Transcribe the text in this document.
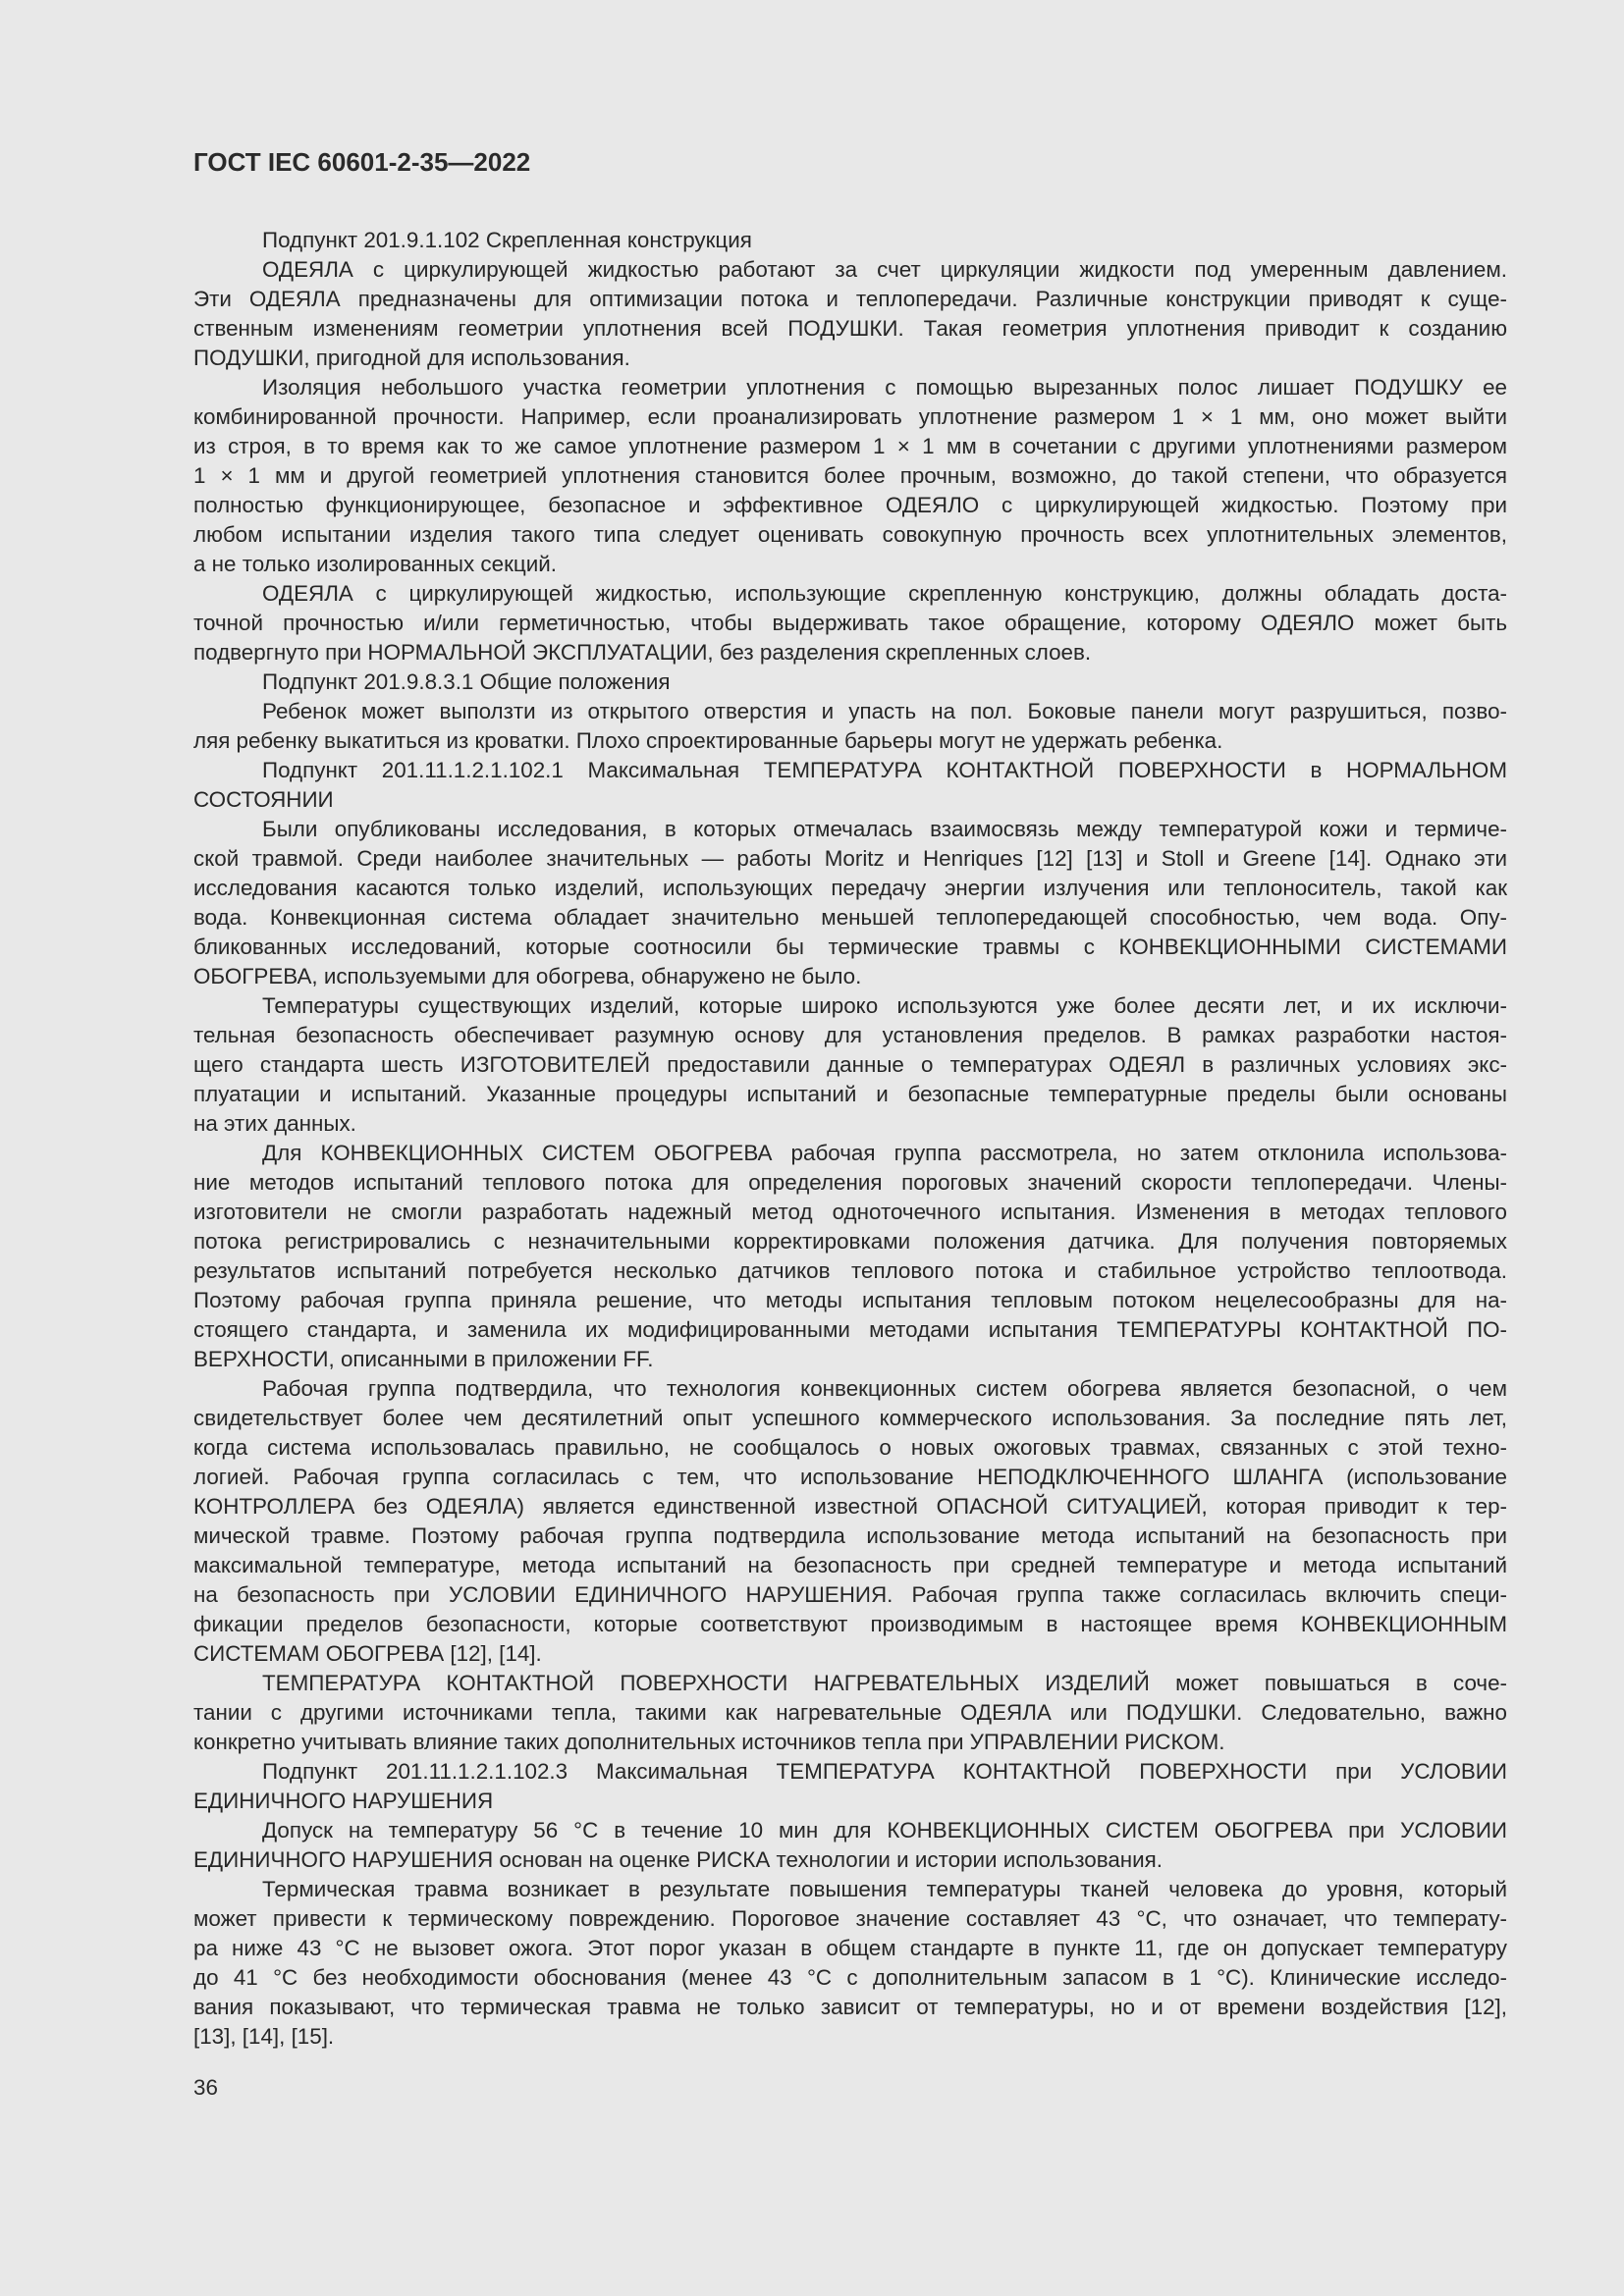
ГОСТ IEC 60601-2-35—2022
Подпункт 201.9.1.102 Скрепленная конструкция
ОДЕЯЛА с циркулирующей жидкостью работают за счет циркуляции жидкости под умеренным давлением.
Эти ОДЕЯЛА предназначены для оптимизации потока и теплопередачи. Различные конструкции приводят к суще-
ственным изменениям геометрии уплотнения всей ПОДУШКИ. Такая геометрия уплотнения приводит к созданию
ПОДУШКИ, пригодной для использования.
Изоляция небольшого участка геометрии уплотнения с помощью вырезанных полос лишает ПОДУШКУ ее
комбинированной прочности. Например, если проанализировать уплотнение размером 1 × 1 мм, оно может выйти
из строя, в то время как то же самое уплотнение размером 1 × 1 мм в сочетании с другими уплотнениями размером
1 × 1 мм и другой геометрией уплотнения становится более прочным, возможно, до такой степени, что образуется
полностью функционирующее, безопасное и эффективное ОДЕЯЛО с циркулирующей жидкостью. Поэтому при
любом испытании изделия такого типа следует оценивать совокупную прочность всех уплотнительных элементов,
а не только изолированных секций.
ОДЕЯЛА с циркулирующей жидкостью, использующие скрепленную конструкцию, должны обладать доста-
точной прочностью и/или герметичностью, чтобы выдерживать такое обращение, которому ОДЕЯЛО может быть
подвергнуто при НОРМАЛЬНОЙ ЭКСПЛУАТАЦИИ, без разделения скрепленных слоев.
Подпункт 201.9.8.3.1 Общие положения
Ребенок может выползти из открытого отверстия и упасть на пол. Боковые панели могут разрушиться, позво-
ляя ребенку выкатиться из кроватки. Плохо спроектированные барьеры могут не удержать ребенка.
Подпункт 201.11.1.2.1.102.1 Максимальная ТЕМПЕРАТУРА КОНТАКТНОЙ ПОВЕРХНОСТИ в НОРМАЛЬНОМ
СОСТОЯНИИ
Были опубликованы исследования, в которых отмечалась взаимосвязь между температурой кожи и термиче-
ской травмой. Среди наиболее значительных — работы Moritz и Henriques [12] [13] и Stoll и Greene [14]. Однако эти
исследования касаются только изделий, использующих передачу энергии излучения или теплоноситель, такой как
вода. Конвекционная система обладает значительно меньшей теплопередающей способностью, чем вода. Опу-
бликованных исследований, которые соотносили бы термические травмы с КОНВЕКЦИОННЫМИ СИСТЕМАМИ
ОБОГРЕВА, используемыми для обогрева, обнаружено не было.
Температуры существующих изделий, которые широко используются уже более десяти лет, и их исключи-
тельная безопасность обеспечивает разумную основу для установления пределов. В рамках разработки настоя-
щего стандарта шесть ИЗГОТОВИТЕЛЕЙ предоставили данные о температурах ОДЕЯЛ в различных условиях экс-
плуатации и испытаний. Указанные процедуры испытаний и безопасные температурные пределы были основаны
на этих данных.
Для КОНВЕКЦИОННЫХ СИСТЕМ ОБОГРЕВА рабочая группа рассмотрела, но затем отклонила использова-
ние методов испытаний теплового потока для определения пороговых значений скорости теплопередачи. Члены-
изготовители не смогли разработать надежный метод одноточечного испытания. Изменения в методах теплового
потока регистрировались с незначительными корректировками положения датчика. Для получения повторяемых
результатов испытаний потребуется несколько датчиков теплового потока и стабильное устройство теплоотвода.
Поэтому рабочая группа приняла решение, что методы испытания тепловым потоком нецелесообразны для на-
стоящего стандарта, и заменила их модифицированными методами испытания ТЕМПЕРАТУРЫ КОНТАКТНОЙ ПО-
ВЕРХНОСТИ, описанными в приложении FF.
Рабочая группа подтвердила, что технология конвекционных систем обогрева является безопасной, о чем
свидетельствует более чем десятилетний опыт успешного коммерческого использования. За последние пять лет,
когда система использовалась правильно, не сообщалось о новых ожоговых травмах, связанных с этой техно-
логией. Рабочая группа согласилась с тем, что использование НЕПОДКЛЮЧЕННОГО ШЛАНГА (использование
КОНТРОЛЛЕРА без ОДЕЯЛА) является единственной известной ОПАСНОЙ СИТУАЦИЕЙ, которая приводит к тер-
мической травме. Поэтому рабочая группа подтвердила использование метода испытаний на безопасность при
максимальной температуре, метода испытаний на безопасность при средней температуре и метода испытаний
на безопасность при УСЛОВИИ ЕДИНИЧНОГО НАРУШЕНИЯ. Рабочая группа также согласилась включить специ-
фикации пределов безопасности, которые соответствуют производимым в настоящее время КОНВЕКЦИОННЫМ
СИСТЕМАМ ОБОГРЕВА [12], [14].
ТЕМПЕРАТУРА КОНТАКТНОЙ ПОВЕРХНОСТИ НАГРЕВАТЕЛЬНЫХ ИЗДЕЛИЙ может повышаться в соче-
тании с другими источниками тепла, такими как нагревательные ОДЕЯЛА или ПОДУШКИ. Следовательно, важно
конкретно учитывать влияние таких дополнительных источников тепла при УПРАВЛЕНИИ РИСКОМ.
Подпункт 201.11.1.2.1.102.3 Максимальная ТЕМПЕРАТУРА КОНТАКТНОЙ ПОВЕРХНОСТИ при УСЛОВИИ
ЕДИНИЧНОГО НАРУШЕНИЯ
Допуск на температуру 56 °С в течение 10 мин для КОНВЕКЦИОННЫХ СИСТЕМ ОБОГРЕВА при УСЛОВИИ
ЕДИНИЧНОГО НАРУШЕНИЯ основан на оценке РИСКА технологии и истории использования.
Термическая травма возникает в результате повышения температуры тканей человека до уровня, который
может привести к термическому повреждению. Пороговое значение составляет 43 °С, что означает, что температу-
ра ниже 43 °С не вызовет ожога. Этот порог указан в общем стандарте в пункте 11, где он допускает температуру
до 41 °С без необходимости обоснования (менее 43 °С с дополнительным запасом в 1 °С). Клинические исследо-
вания показывают, что термическая травма не только зависит от температуры, но и от времени воздействия [12],
[13], [14], [15].
36
